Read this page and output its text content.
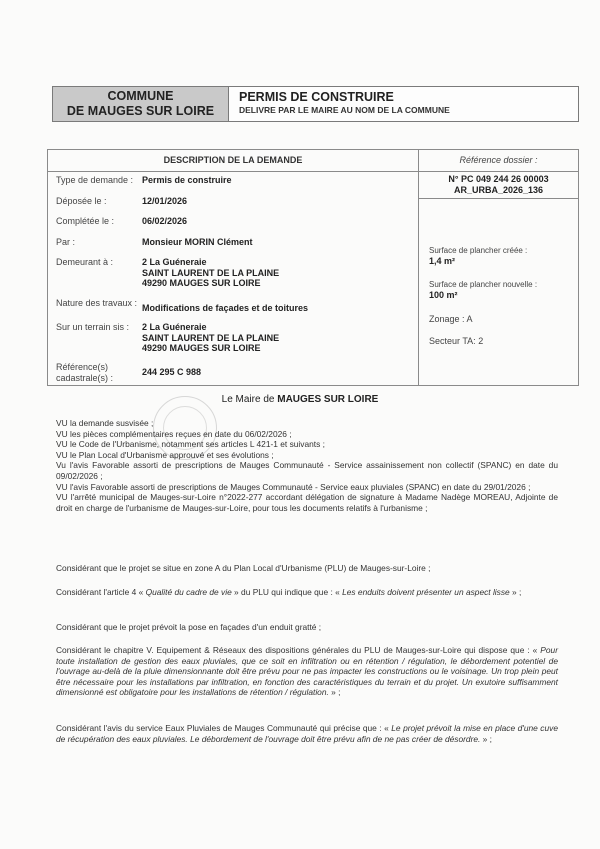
COMMUNE
DE MAUGES SUR LOIRE
PERMIS DE CONSTRUIRE
DELIVRE PAR LE MAIRE AU NOM DE LA COMMUNE
DESCRIPTION DE LA DEMANDE
Type de demande : Permis de construire
Déposée le :	12/01/2026
Complétée le :	06/02/2026
Par :	Monsieur MORIN Clément
Demeurant à :	2 La Guéneraie
SAINT LAURENT DE LA PLAINE
49290 MAUGES SUR LOIRE
Nature des travaux : Modifications de façades et de toitures
Sur un terrain sis :	2 La Guéneraie
SAINT LAURENT DE LA PLAINE
49290 MAUGES SUR LOIRE
Référence(s) cadastrale(s) :
244 295 C 988
Référence dossier :
N° PC 049 244 26 00003
AR_URBA_2026_136
Surface de plancher créée :
1,4 m²
Surface de plancher nouvelle :
100 m²
Zonage : A
Secteur TA: 2
Le Maire de MAUGES SUR LOIRE

VU la demande susvisée ;

VU les pièces complémentaires reçues en date du 06/02/2026 ;

VU le Code de l'Urbanisme, notamment ses articles L 421-1 et suivants ;

VU le Plan Local d'Urbanisme approuvé et ses évolutions ;

Vu l'avis Favorable assorti de prescriptions de Mauges Communauté - Service assainissement non collectif (SPANC) en date du 09/02/2026 ;

VU l'avis Favorable assorti de prescriptions de Mauges Communauté - Service eaux pluviales (SPANC) en date du 29/01/2026 ;

VU l'arrêté municipal de Mauges-sur-Loire n°2022-277 accordant délégation de signature à Madame Nadège MOREAU, Adjointe de droit en charge de l'urbanisme de Mauges-sur-Loire, pour tous les documents relatifs à l'urbanisme ;

Considérant que le projet se situe en zone A du Plan Local d'Urbanisme (PLU) de Mauges-sur-Loire ;
Considérant l'article 4 « Qualité du cadre de vie » du PLU qui indique que : « Les enduits doivent présenter un aspect lisse » ;
Considérant que le projet prévoit la pose en façades d'un enduit gratté ;
Considérant le chapitre V. Equipement & Réseaux des dispositions générales du PLU de Mauges-sur-Loire qui dispose que : « Pour toute installation de gestion des eaux pluviales, que ce soit en infiltration ou en rétention / régulation, le débordement potentiel de l'ouvrage au-delà de la pluie dimensionnante doit être prévu pour ne pas impacter les constructions ou le voisinage. Un trop plein peut être nécessaire pour les installations par infiltration, en fonction des caractéristiques du terrain et du projet. Un exutoire suffisamment dimensionné est obligatoire pour les installations de rétention / régulation. » ;
Considérant l'avis du service Eaux Pluviales de Mauges Communauté qui précise que : « Le projet prévoit la mise en place d'une cuve de récupération des eaux pluviales. Le débordement de l'ouvrage doit être prévu afin de ne pas créer de désordre. » ;
